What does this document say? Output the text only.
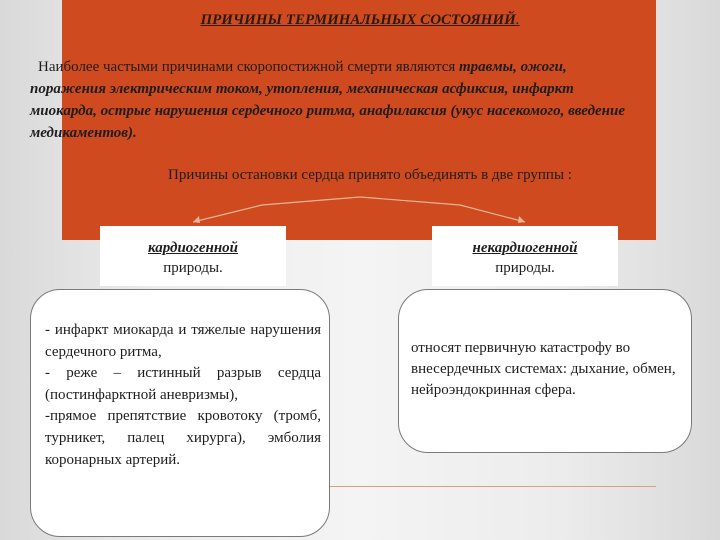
ПРИЧИНЫ ТЕРМИНАЛЬНЫХ СОСТОЯНИЙ.
Наиболее частыми причинами скоропостижной смерти являются травмы, ожоги, поражения электрическим током, утопления, механическая асфиксия, инфаркт миокарда, острые нарушения сердечного ритма, анафилаксия (укус насекомого, введение медикаментов).
Причины остановки сердца принято объединять в две группы :
кардиогенной
природы.
некардиогенной
природы.
- инфаркт миокарда и тяжелые нарушения сердечного ритма,
- реже – истинный разрыв сердца (постинфарктной аневризмы),
-прямое препятствие кровотоку (тромб, турникет, палец хирурга), эмболия коронарных артерий.
относят первичную катастрофу во внесердечных системах: дыхание, обмен, нейроэндокринная сфера.
